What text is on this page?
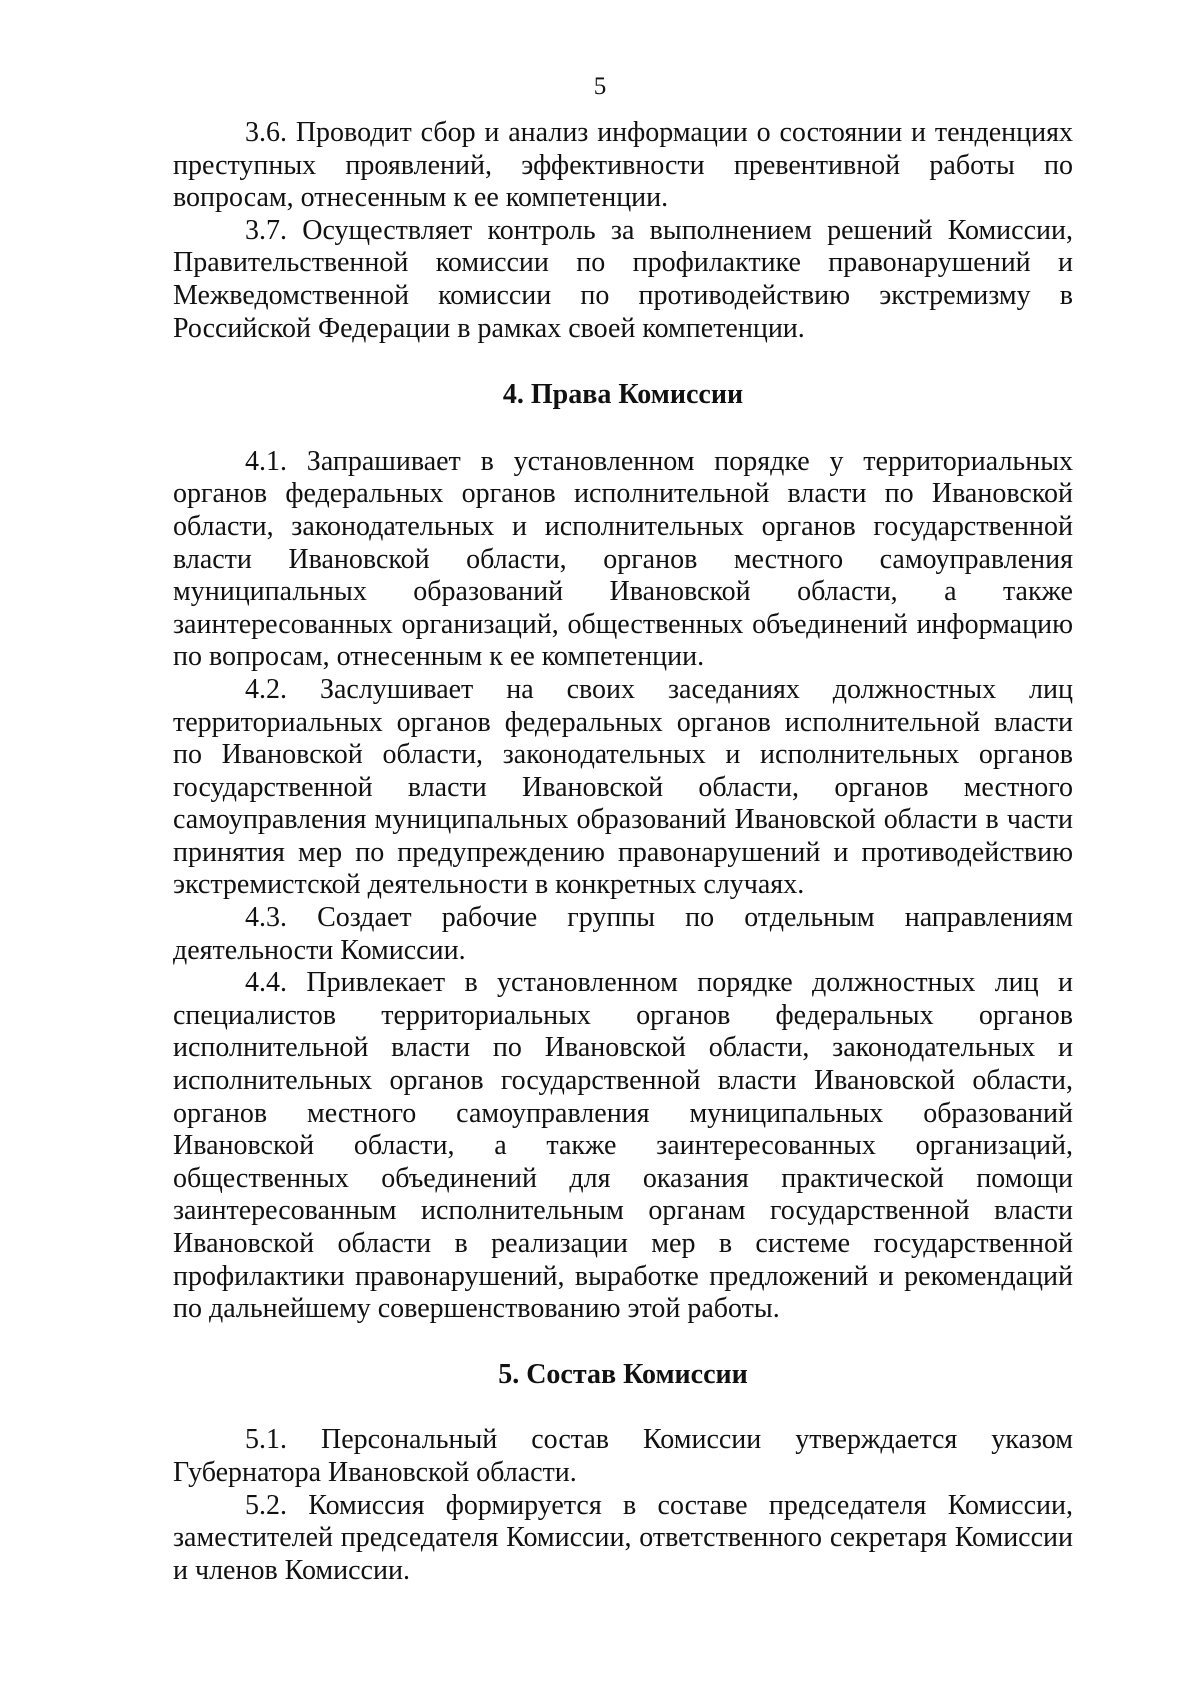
5

3.6. Проводит сбор и анализ информации о состоянии и тенденциях преступных проявлений, эффективности превентивной работы по вопросам, отнесенным к ее компетенции.

3.7. Осуществляет контроль за выполнением решений Комиссии, Правительственной комиссии по профилактике правонарушений и Межведомственной комиссии по противодействию экстремизму в Российской Федерации в рамках своей компетенции.

4. Права Комиссии

4.1. Запрашивает в установленном порядке у территориальных органов федеральных органов исполнительной власти по Ивановской области, законодательных и исполнительных органов государственной власти Ивановской области, органов местного самоуправления муниципальных образований Ивановской области, а также заинтересованных организаций, общественных объединений информацию по вопросам, отнесенным к ее компетенции.

4.2. Заслушивает на своих заседаниях должностных лиц территориальных органов федеральных органов исполнительной власти по Ивановской области, законодательных и исполнительных органов государственной власти Ивановской области, органов местного самоуправления муниципальных образований Ивановской области в части принятия мер по предупреждению правонарушений и противодействию экстремистской деятельности в конкретных случаях.

4.3. Создает рабочие группы по отдельным направлениям деятельности Комиссии.

4.4. Привлекает в установленном порядке должностных лиц и специалистов территориальных органов федеральных органов исполнительной власти по Ивановской области, законодательных и исполнительных органов государственной власти Ивановской области, органов местного самоуправления муниципальных образований Ивановской области, а также заинтересованных организаций, общественных объединений для оказания практической помощи заинтересованным исполнительным органам государственной власти Ивановской области в реализации мер в системе государственной профилактики правонарушений, выработке предложений и рекомендаций по дальнейшему совершенствованию этой работы.

5. Состав Комиссии

5.1. Персональный состав Комиссии утверждается указом Губернатора Ивановской области.

5.2. Комиссия формируется в составе председателя Комиссии, заместителей председателя Комиссии, ответственного секретаря Комиссии и членов Комиссии.
